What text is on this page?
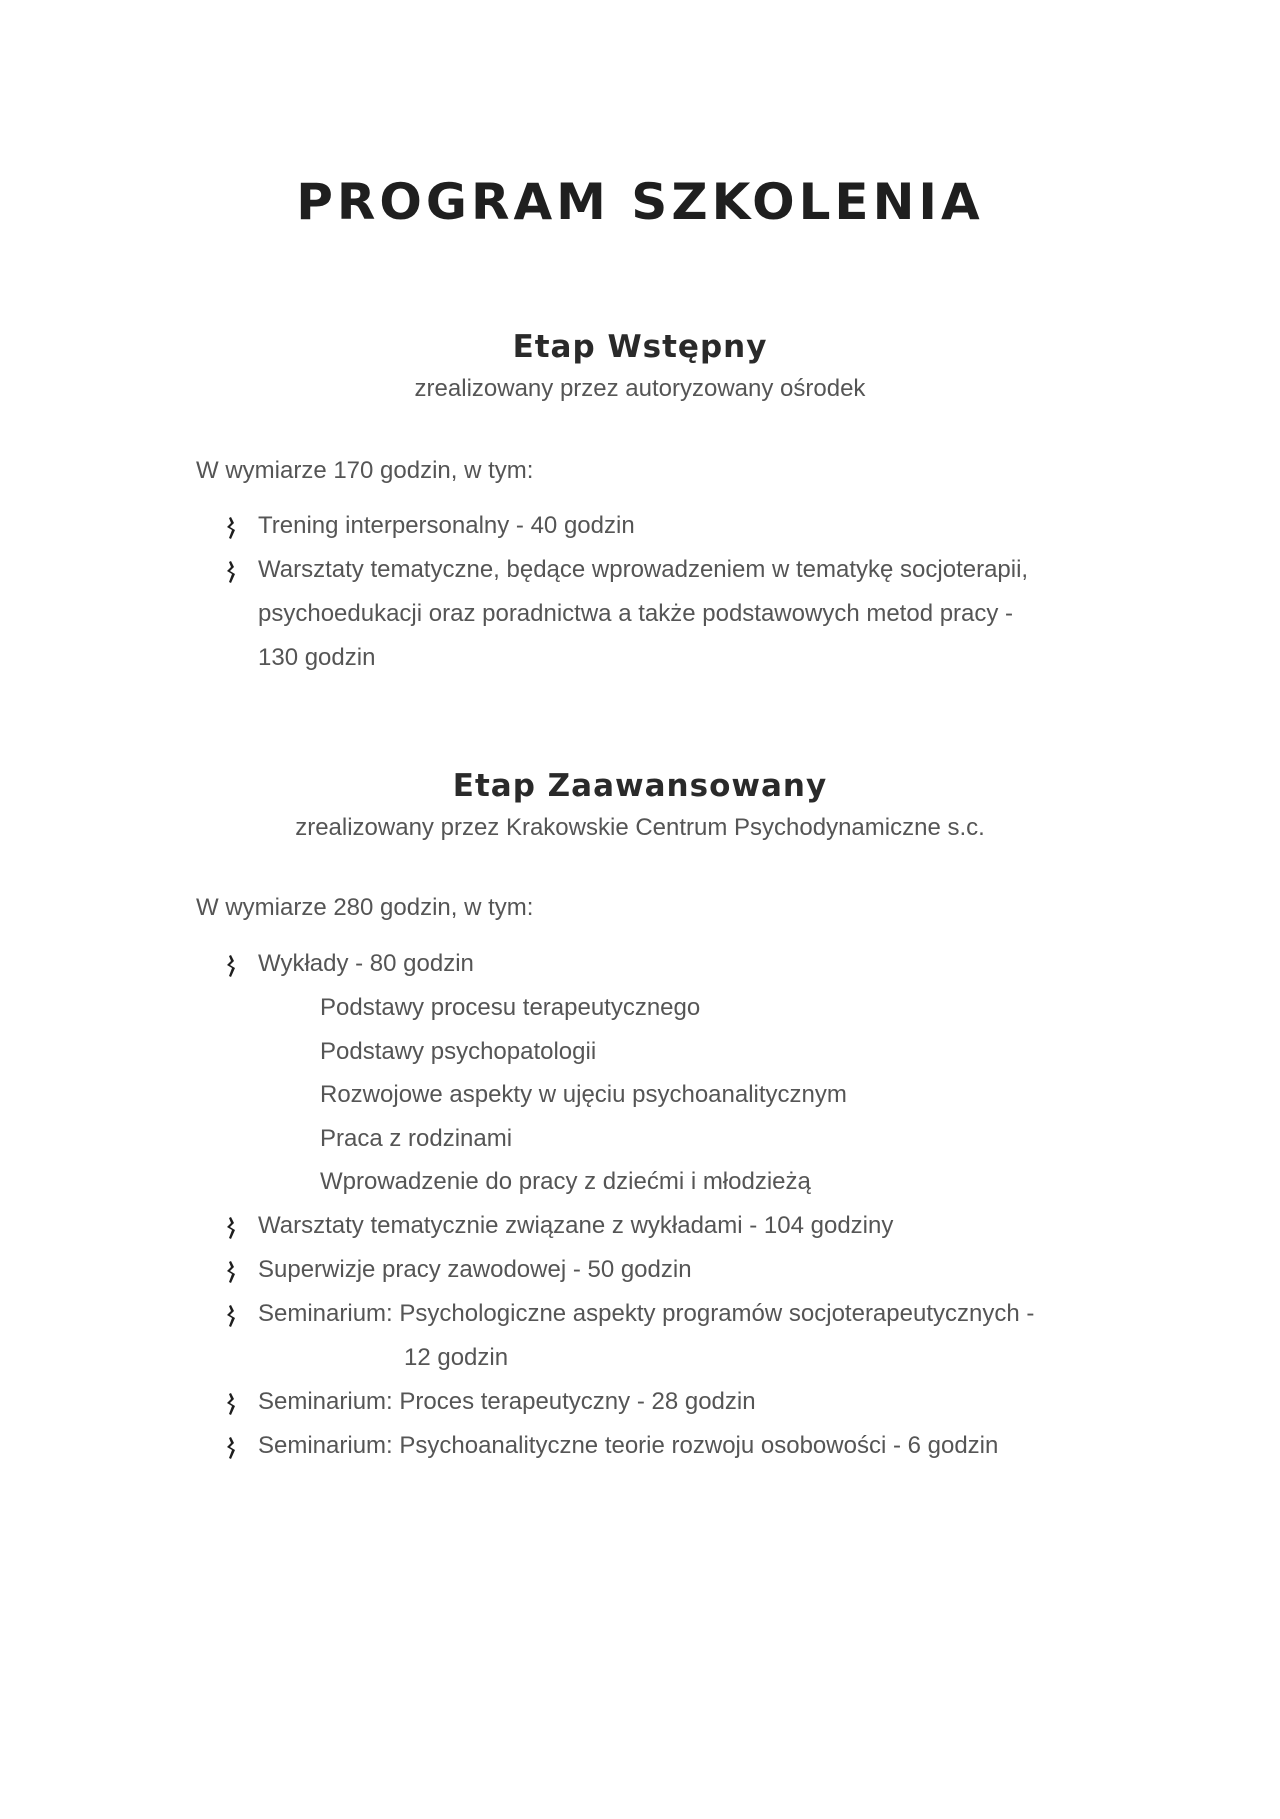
PROGRAM SZKOLENIA
Etap Wstępny

zrealizowany przez autoryzowany ośrodek

W wymiarze 170 godzin, w tym:

Trening interpersonalny - 40 godzin
Warsztaty tematyczne, będące wprowadzeniem w tematykę socjoterapii,
psychoedukacji oraz poradnictwa a także podstawowych metod pracy -
130 godzin
Etap Zaawansowany

zrealizowany przez Krakowskie Centrum Psychodynamiczne s.c.

W wymiarze 280 godzin, w tym:

Wykłady - 80 godzin
Podstawy procesu terapeutycznego
Podstawy psychopatologii
Rozwojowe aspekty w ujęciu psychoanalitycznym
Praca z rodzinami
Wprowadzenie do pracy z dziećmi i młodzieżą
Warsztaty tematycznie związane z wykładami - 104 godziny
Superwizje pracy zawodowej - 50 godzin
Seminarium: Psychologiczne aspekty programów socjoterapeutycznych -
12 godzin
Seminarium: Proces terapeutyczny - 28 godzin
Seminarium: Psychoanalityczne teorie rozwoju osobowości - 6 godzin
